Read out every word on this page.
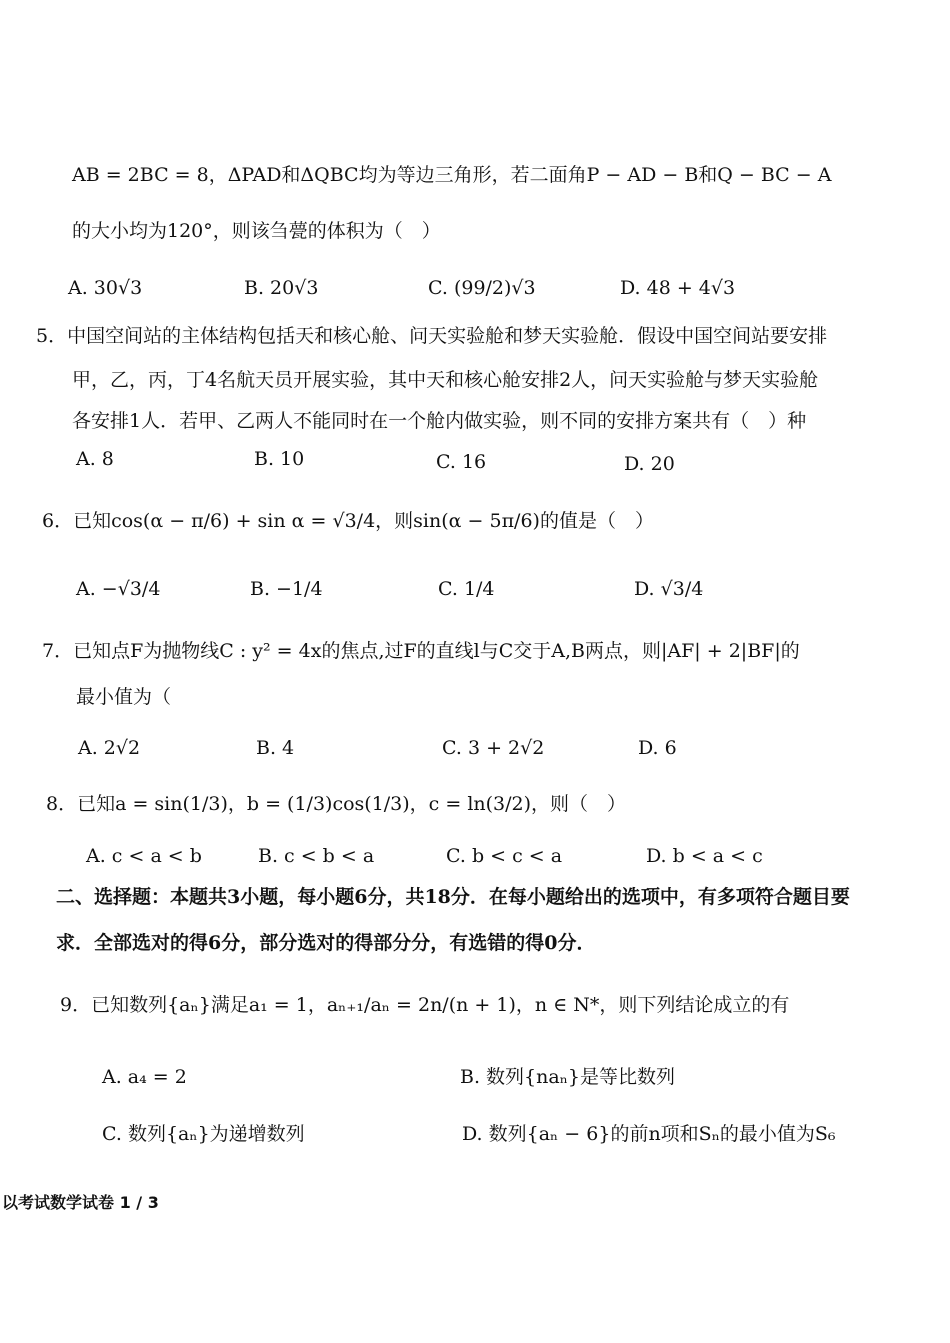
AB = 2BC = 8，ΔPAD和ΔQBC均为等边三角形，若二面角P − AD − B和Q − BC − A
的大小均为120°，则该刍甍的体积为（　）
A. 30√3	B. 20√3	C. (99/2)√3	D. 48 + 4√3
5．中国空间站的主体结构包括天和核心舱、问天实验舱和梦天实验舱．假设中国空间站要安排
甲，乙，丙，丁4名航天员开展实验，其中天和核心舱安排2人，问天实验舱与梦天实验舱
各安排1人．若甲、乙两人不能同时在一个舱内做实验，则不同的安排方案共有（　）种
A. 8	B. 10	C. 16	D. 20
6．已知cos(α − π/6) + sin α = √3/4，则sin(α − 5π/6)的值是（　）
A. −√3/4	B. −1/4	C. 1/4	D. √3/4
7．已知点F为抛物线C : y² = 4x的焦点,过F的直线l与C交于A,B两点，则|AF| + 2|BF|的
最小值为（
A. 2√2	B. 4	C. 3 + 2√2	D. 6
8．已知a = sin(1/3)，b = (1/3)cos(1/3)，c = ln(3/2)，则（　）
A. c < a < b	B. c < b < a	C. b < c < a	D. b < a < c
二、选择题：本题共3小题，每小题6分，共18分．在每小题给出的选项中，有多项符合题目要
求．全部选对的得6分，部分选对的得部分分，有选错的得0分．
9．已知数列{aₙ}满足a₁ = 1，aₙ₊₁/aₙ = 2n/(n + 1)，n ∈ N*，则下列结论成立的有
A. a₄ = 2	B. 数列{naₙ}是等比数列
C. 数列{aₙ}为递增数列	D. 数列{aₙ − 6}的前n项和Sₙ的最小值为S₆
以考试数学试卷 1 / 3
